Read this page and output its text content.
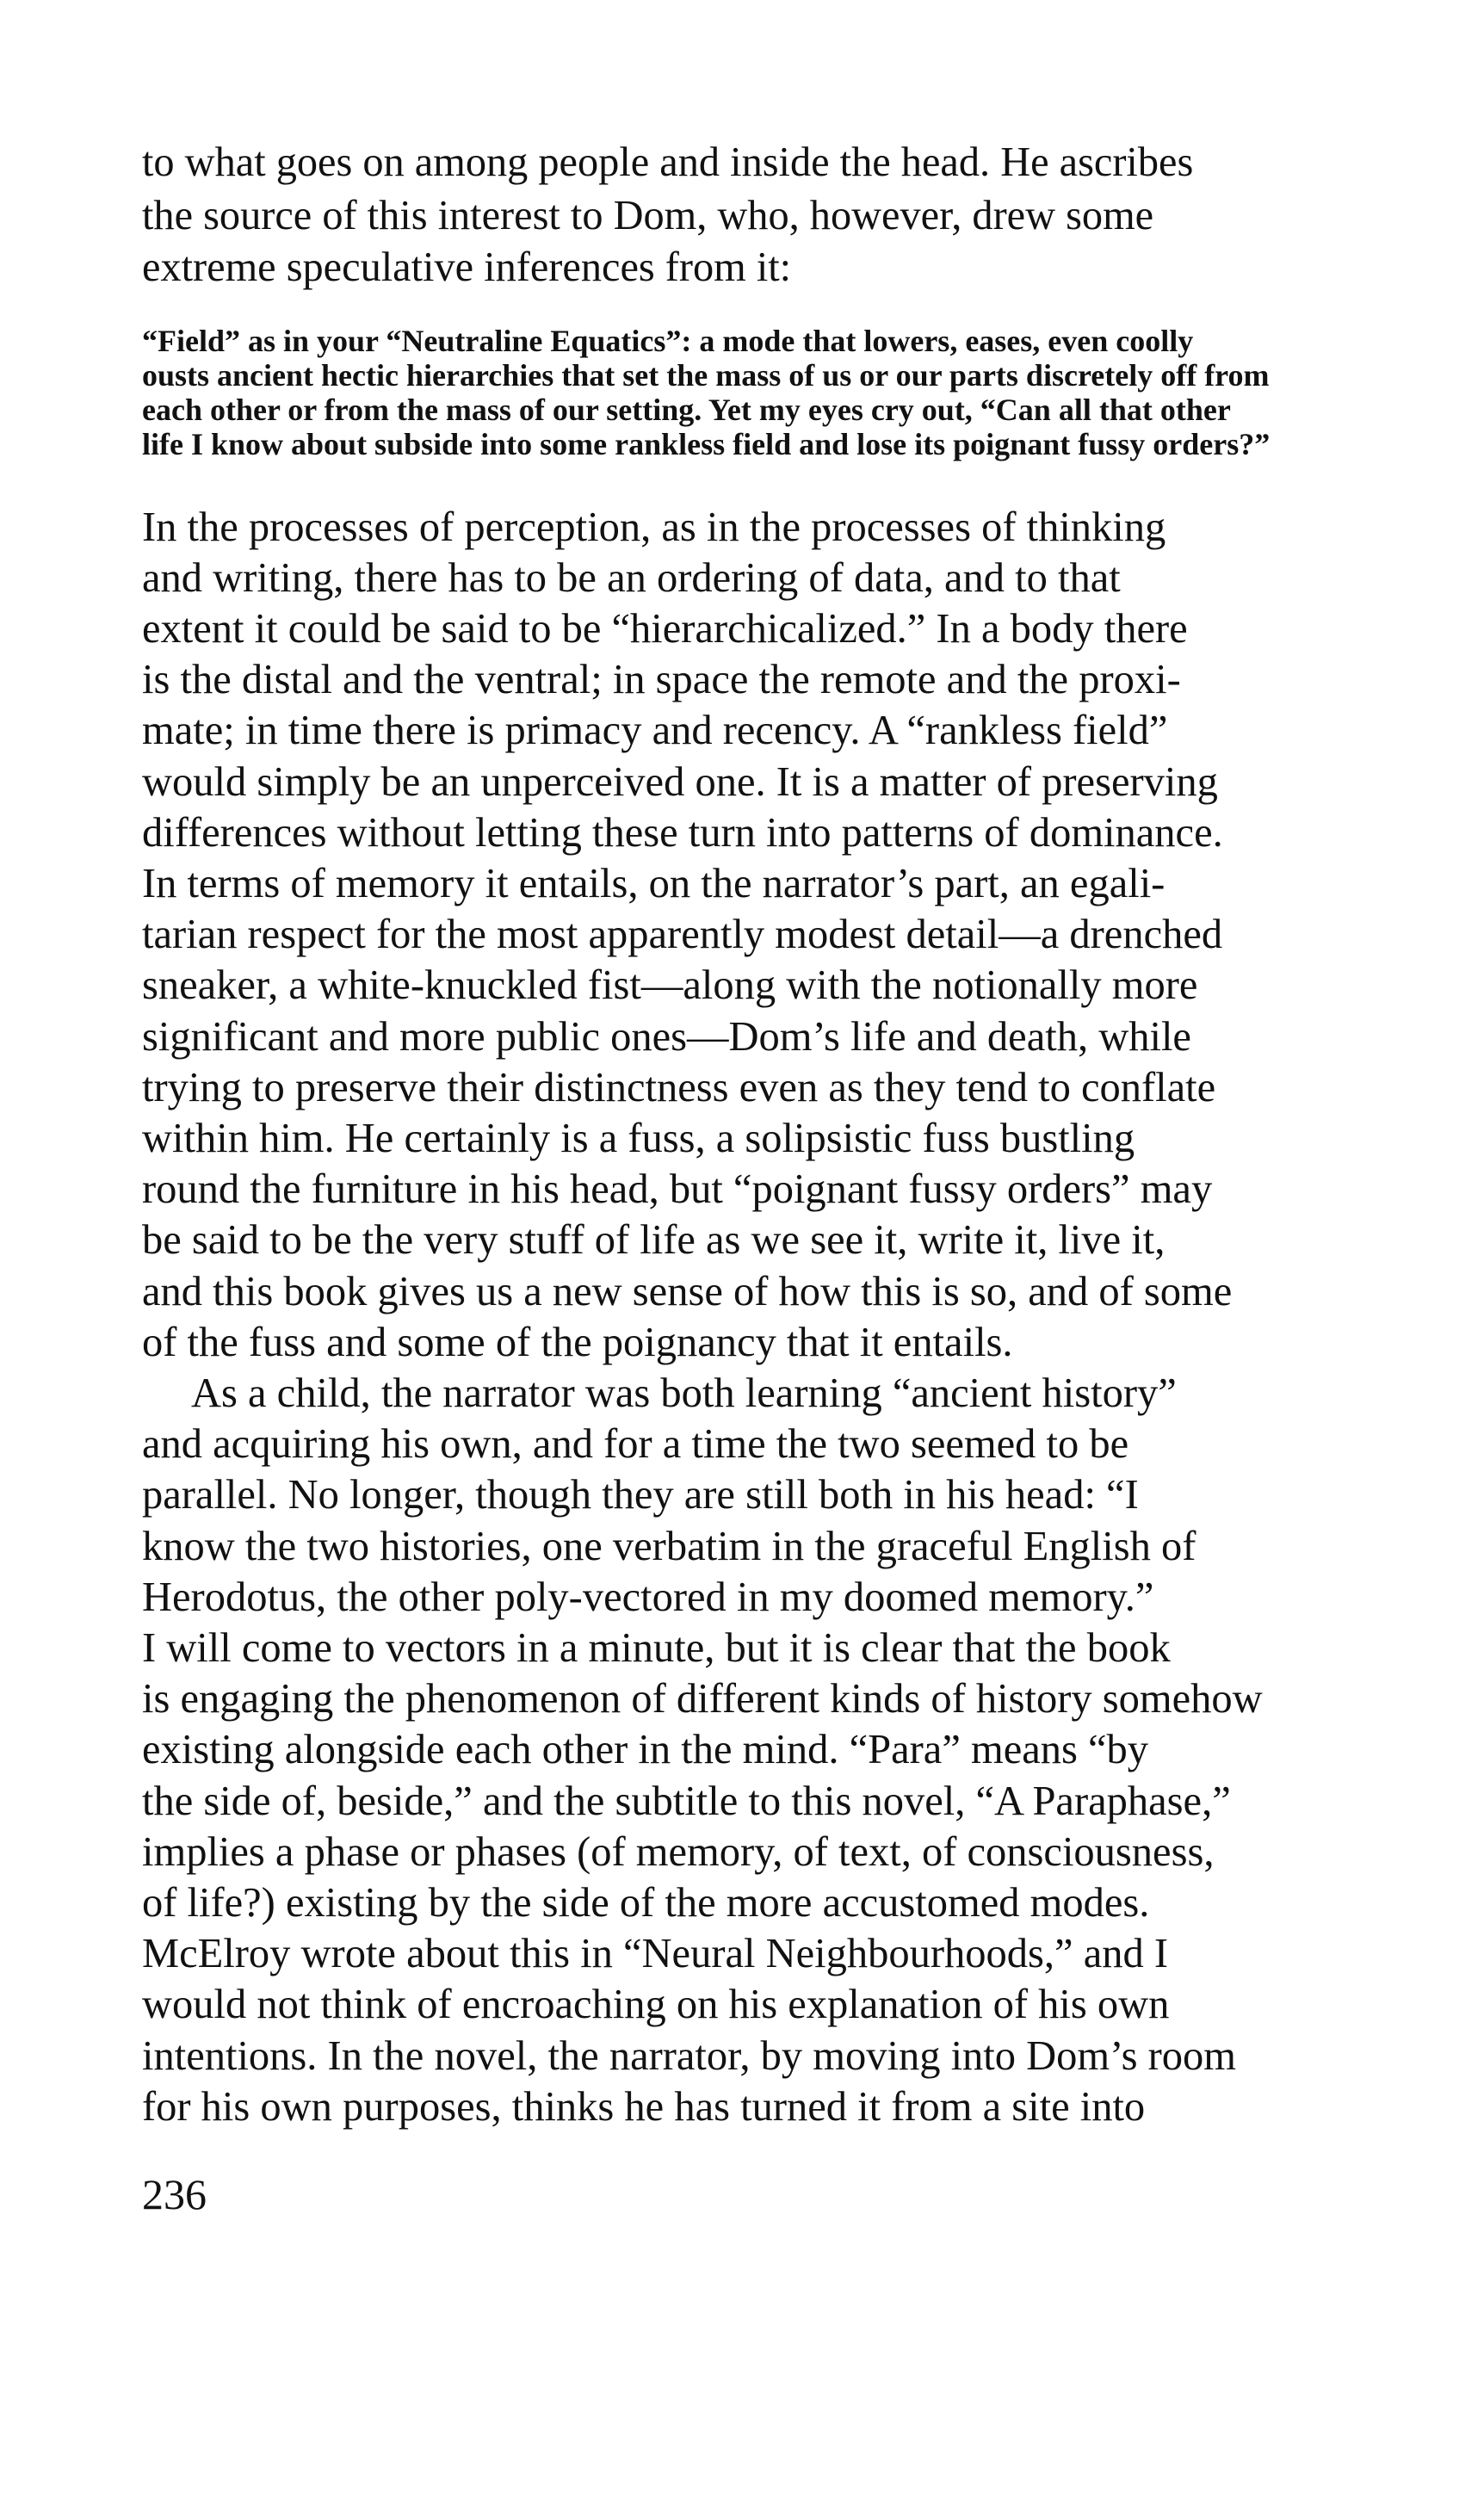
to what goes on among people and inside the head. He ascribes

the source of this interest to Dom, who, however, drew some

extreme speculative inferences from it:

“Field” as in your “Neutraline Equatics”: a mode that lowers, eases, even coolly

ousts ancient hectic hierarchies that set the mass of us or our parts discretely off from

each other or from the mass of our setting. Yet my eyes cry out, “Can all that other

life I know about subside into some rankless field and lose its poignant fussy orders?”

In the processes of perception, as in the processes of thinking

and writing, there has to be an ordering of data, and to that

extent it could be said to be “hierarchicalized.” In a body there

is the distal and the ventral; in space the remote and the proxi-

mate; in time there is primacy and recency. A “rankless field”

would simply be an unperceived one. It is a matter of preserving

differences without letting these turn into patterns of dominance.

In terms of memory it entails, on the narrator’s part, an egali-

tarian respect for the most apparently modest detail—a drenched

sneaker, a white-knuckled fist—along with the notionally more

significant and more public ones—Dom’s life and death, while

trying to preserve their distinctness even as they tend to conflate

within him. He certainly is a fuss, a solipsistic fuss bustling

round the furniture in his head, but “poignant fussy orders” may

be said to be the very stuff of life as we see it, write it, live it,

and this book gives us a new sense of how this is so, and of some

of the fuss and some of the poignancy that it entails.

As a child, the narrator was both learning “ancient history”

and acquiring his own, and for a time the two seemed to be

parallel. No longer, though they are still both in his head: “I

know the two histories, one verbatim in the graceful English of

Herodotus, the other poly-vectored in my doomed memory.”

I will come to vectors in a minute, but it is clear that the book

is engaging the phenomenon of different kinds of history somehow

existing alongside each other in the mind. “Para” means “by

the side of, beside,” and the subtitle to this novel, “A Paraphase,”

implies a phase or phases (of memory, of text, of consciousness,

of life?) existing by the side of the more accustomed modes.

McElroy wrote about this in “Neural Neighbourhoods,” and I

would not think of encroaching on his explanation of his own

intentions. In the novel, the narrator, by moving into Dom’s room

for his own purposes, thinks he has turned it from a site into

236
